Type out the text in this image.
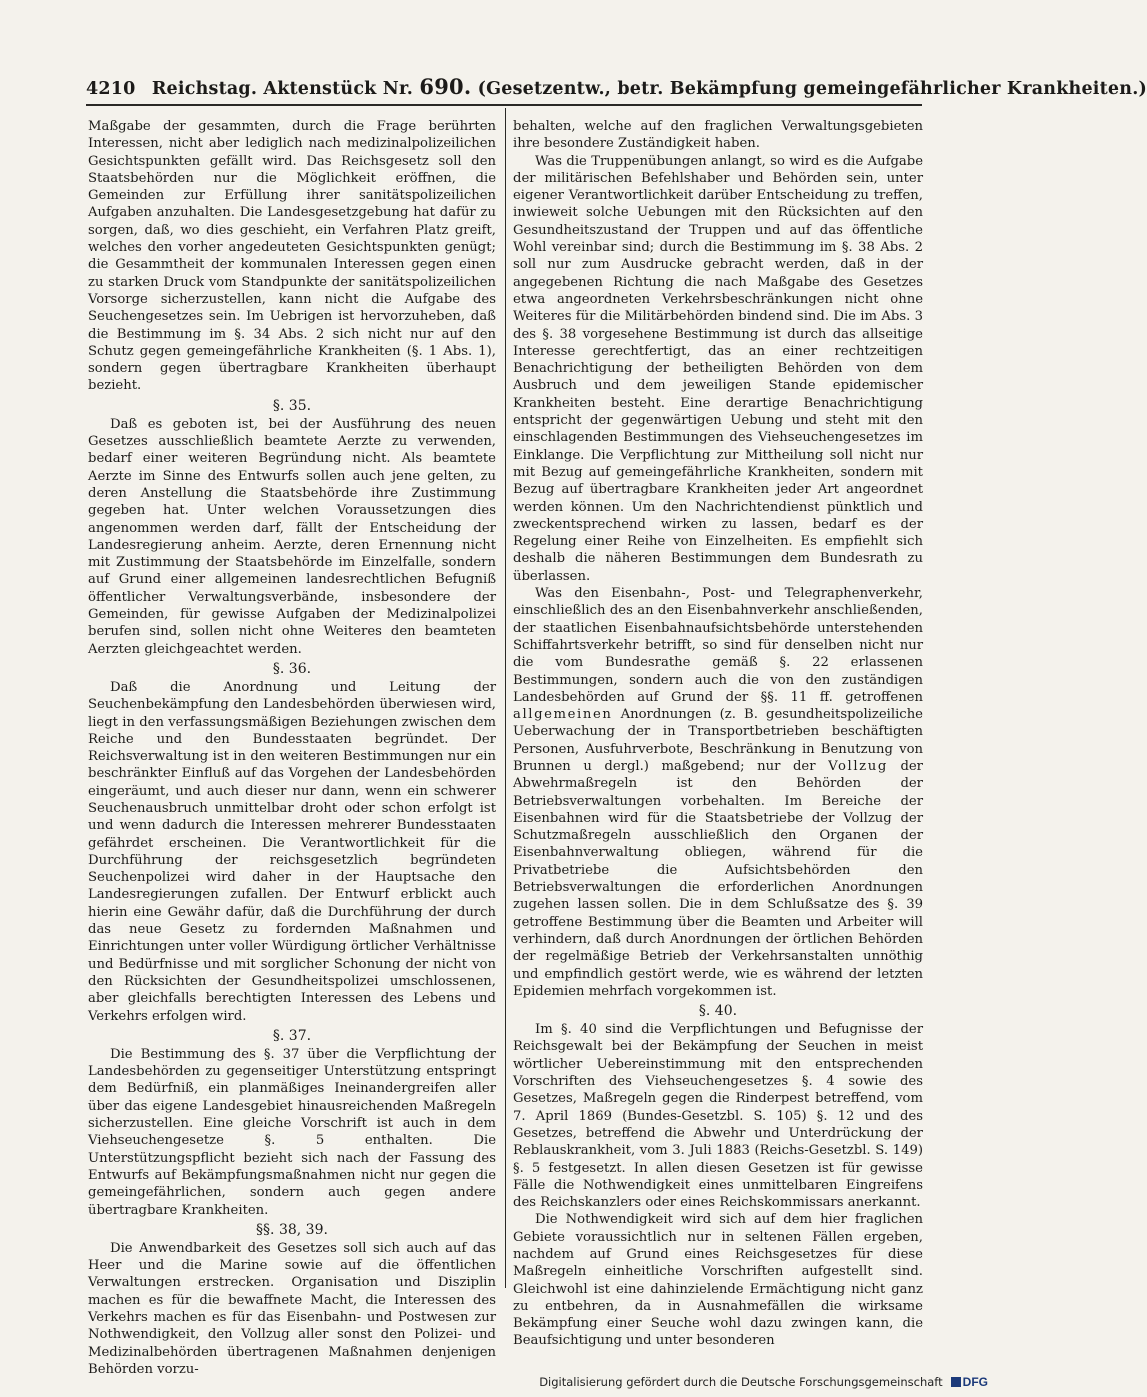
4210 Reichstag. Aktenstück Nr. 690. (Gesetzentw., betr. Bekämpfung gemeingefährlicher Krankheiten.)

Maßgabe der gesammten, durch die Frage berührten Interessen, nicht aber lediglich nach medizinalpolizeilichen Gesichtspunkten gefällt wird. Das Reichsgesetz soll den Staatsbehörden nur die Möglichkeit eröffnen, die Gemeinden zur Erfüllung ihrer sanitätspolizeilichen Aufgaben anzuhalten. Die Landesgesetzgebung hat dafür zu sorgen, daß, wo dies geschieht, ein Verfahren Platz greift, welches den vorher angedeuteten Gesichtspunkten genügt; die Gesammtheit der kommunalen Interessen gegen einen zu starken Druck vom Standpunkte der sanitätspolizeilichen Vorsorge sicherzustellen, kann nicht die Aufgabe des Seuchengesetzes sein. Im Uebrigen ist hervorzuheben, daß die Bestimmung im §. 34 Abs. 2 sich nicht nur auf den Schutz gegen gemeingefährliche Krankheiten (§. 1 Abs. 1), sondern gegen übertragbare Krankheiten überhaupt bezieht.

§. 35.

Daß es geboten ist, bei der Ausführung des neuen Gesetzes ausschließlich beamtete Aerzte zu verwenden, bedarf einer weiteren Begründung nicht. Als beamtete Aerzte im Sinne des Entwurfs sollen auch jene gelten, zu deren Anstellung die Staatsbehörde ihre Zustimmung gegeben hat. Unter welchen Voraussetzungen dies angenommen werden darf, fällt der Entscheidung der Landesregierung anheim. Aerzte, deren Ernennung nicht mit Zustimmung der Staatsbehörde im Einzelfalle, sondern auf Grund einer allgemeinen landesrechtlichen Befugniß öffentlicher Verwaltungsverbände, insbesondere der Gemeinden, für gewisse Aufgaben der Medizinalpolizei berufen sind, sollen nicht ohne Weiteres den beamteten Aerzten gleichgeachtet werden.

§. 36.

Daß die Anordnung und Leitung der Seuchenbekämpfung den Landesbehörden überwiesen wird, liegt in den verfassungsmäßigen Beziehungen zwischen dem Reiche und den Bundesstaaten begründet. Der Reichsverwaltung ist in den weiteren Bestimmungen nur ein beschränkter Einfluß auf das Vorgehen der Landesbehörden eingeräumt, und auch dieser nur dann, wenn ein schwerer Seuchenausbruch unmittelbar droht oder schon erfolgt ist und wenn dadurch die Interessen mehrerer Bundesstaaten gefährdet erscheinen. Die Verantwortlichkeit für die Durchführung der reichsgesetzlich begründeten Seuchenpolizei wird daher in der Hauptsache den Landesregierungen zufallen. Der Entwurf erblickt auch hierin eine Gewähr dafür, daß die Durchführung der durch das neue Gesetz zu fordernden Maßnahmen und Einrichtungen unter voller Würdigung örtlicher Verhältnisse und Bedürfnisse und mit sorglicher Schonung der nicht von den Rücksichten der Gesundheitspolizei umschlossenen, aber gleichfalls berechtigten Interessen des Lebens und Verkehrs erfolgen wird.

§. 37.

Die Bestimmung des §. 37 über die Verpflichtung der Landesbehörden zu gegenseitiger Unterstützung entspringt dem Bedürfniß, ein planmäßiges Ineinandergreifen aller über das eigene Landesgebiet hinausreichenden Maßregeln sicherzustellen. Eine gleiche Vorschrift ist auch in dem Viehseuchengesetze §. 5 enthalten. Die Unterstützungspflicht bezieht sich nach der Fassung des Entwurfs auf Bekämpfungsmaßnahmen nicht nur gegen die gemeingefährlichen, sondern auch gegen andere übertragbare Krankheiten.

§§. 38, 39.

Die Anwendbarkeit des Gesetzes soll sich auch auf das Heer und die Marine sowie auf die öffentlichen Verwaltungen erstrecken. Organisation und Disziplin machen es für die bewaffnete Macht, die Interessen des Verkehrs machen es für das Eisenbahn- und Postwesen zur Nothwendigkeit, den Vollzug aller sonst den Polizei- und Medizinalbehörden übertragenen Maßnahmen denjenigen Behörden vorzu-

behalten, welche auf den fraglichen Verwaltungsgebieten ihre besondere Zuständigkeit haben.

Was die Truppenübungen anlangt, so wird es die Aufgabe der militärischen Befehlshaber und Behörden sein, unter eigener Verantwortlichkeit darüber Entscheidung zu treffen, inwieweit solche Uebungen mit den Rücksichten auf den Gesundheitszustand der Truppen und auf das öffentliche Wohl vereinbar sind; durch die Bestimmung im §. 38 Abs. 2 soll nur zum Ausdrucke gebracht werden, daß in der angegebenen Richtung die nach Maßgabe des Gesetzes etwa angeordneten Verkehrsbeschränkungen nicht ohne Weiteres für die Militärbehörden bindend sind. Die im Abs. 3 des §. 38 vorgesehene Bestimmung ist durch das allseitige Interesse gerechtfertigt, das an einer rechtzeitigen Benachrichtigung der betheiligten Behörden von dem Ausbruch und dem jeweiligen Stande epidemischer Krankheiten besteht. Eine derartige Benachrichtigung entspricht der gegenwärtigen Uebung und steht mit den einschlagenden Bestimmungen des Viehseuchengesetzes im Einklange. Die Verpflichtung zur Mittheilung soll nicht nur mit Bezug auf gemeingefährliche Krankheiten, sondern mit Bezug auf übertragbare Krankheiten jeder Art angeordnet werden können. Um den Nachrichtendienst pünktlich und zweckentsprechend wirken zu lassen, bedarf es der Regelung einer Reihe von Einzelheiten. Es empfiehlt sich deshalb die näheren Bestimmungen dem Bundesrath zu überlassen.

Was den Eisenbahn-, Post- und Telegraphenverkehr, einschließlich des an den Eisenbahnverkehr anschließenden, der staatlichen Eisenbahnaufsichtsbehörde unterstehenden Schiffahrtsverkehr betrifft, so sind für denselben nicht nur die vom Bundesrathe gemäß §. 22 erlassenen Bestimmungen, sondern auch die von den zuständigen Landesbehörden auf Grund der §§. 11 ff. getroffenen allgemeinen Anordnungen (z. B. gesundheitspolizeiliche Ueberwachung der in Transportbetrieben beschäftigten Personen, Ausfuhrverbote, Beschränkung in Benutzung von Brunnen u dergl.) maßgebend; nur der Vollzug der Abwehrmaßregeln ist den Behörden der Betriebsverwaltungen vorbehalten. Im Bereiche der Eisenbahnen wird für die Staatsbetriebe der Vollzug der Schutzmaßregeln ausschließlich den Organen der Eisenbahnverwaltung obliegen, während für die Privatbetriebe die Aufsichtsbehörden den Betriebsverwaltungen die erforderlichen Anordnungen zugehen lassen sollen. Die in dem Schlußsatze des §. 39 getroffene Bestimmung über die Beamten und Arbeiter will verhindern, daß durch Anordnungen der örtlichen Behörden der regelmäßige Betrieb der Verkehrsanstalten unnöthig und empfindlich gestört werde, wie es während der letzten Epidemien mehrfach vorgekommen ist.

§. 40.

Im §. 40 sind die Verpflichtungen und Befugnisse der Reichsgewalt bei der Bekämpfung der Seuchen in meist wörtlicher Uebereinstimmung mit den entsprechenden Vorschriften des Viehseuchengesetzes §. 4 sowie des Gesetzes, Maßregeln gegen die Rinderpest betreffend, vom 7. April 1869 (Bundes-Gesetzbl. S. 105) §. 12 und des Gesetzes, betreffend die Abwehr und Unterdrückung der Reblauskrankheit, vom 3. Juli 1883 (Reichs-Gesetzbl. S. 149) §. 5 festgesetzt. In allen diesen Gesetzen ist für gewisse Fälle die Nothwendigkeit eines unmittelbaren Eingreifens des Reichskanzlers oder eines Reichskommissars anerkannt.

Die Nothwendigkeit wird sich auf dem hier fraglichen Gebiete voraussichtlich nur in seltenen Fällen ergeben, nachdem auf Grund eines Reichsgesetzes für diese Maßregeln einheitliche Vorschriften aufgestellt sind. Gleichwohl ist eine dahinzielende Ermächtigung nicht ganz zu entbehren, da in Ausnahmefällen die wirksame Bekämpfung einer Seuche wohl dazu zwingen kann, die Beaufsichtigung und unter besonderen

Digitalisierung gefördert durch die Deutsche Forschungsgemeinschaft DFG
